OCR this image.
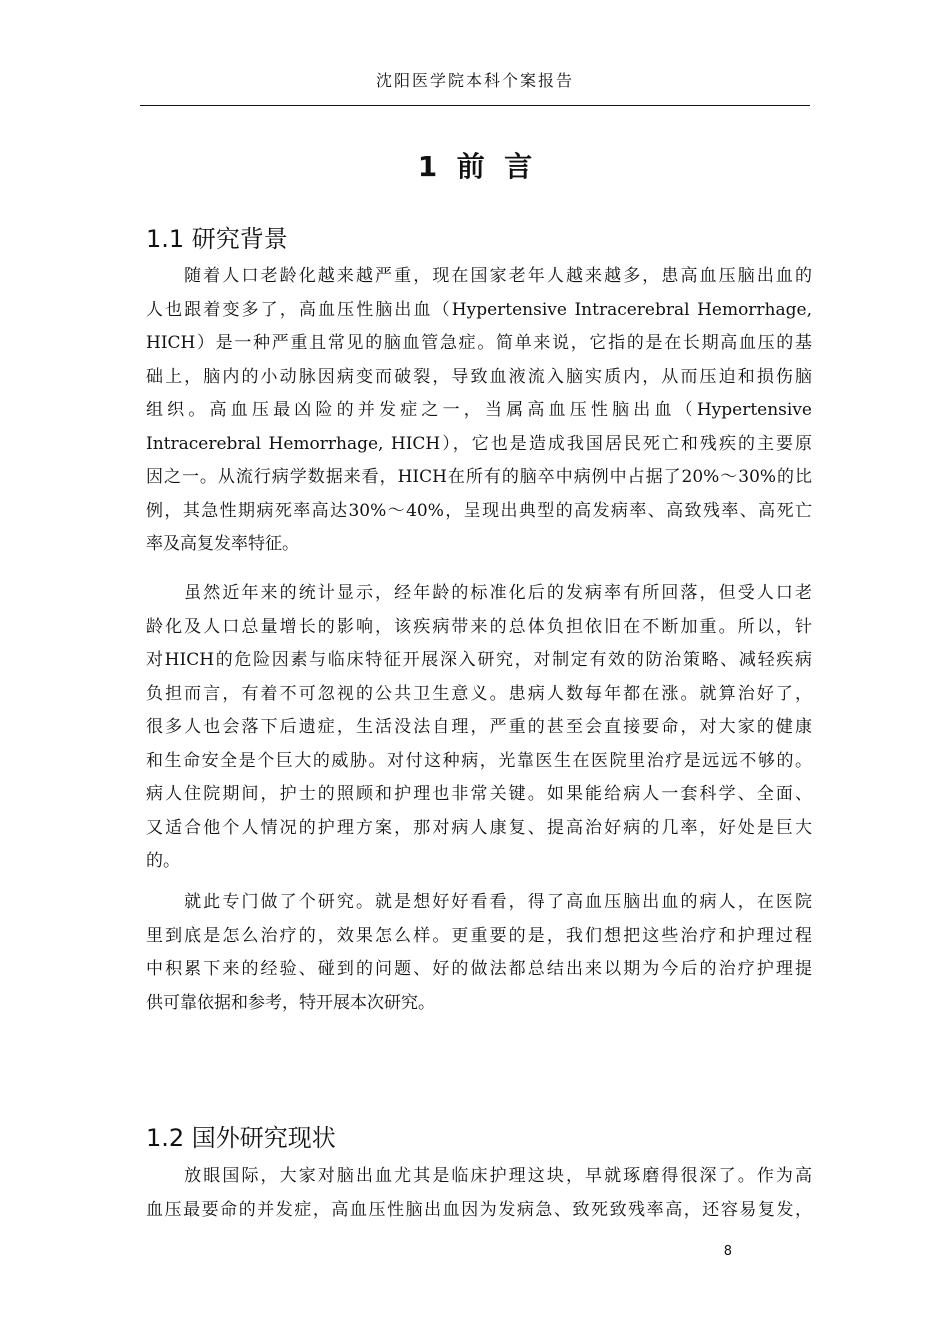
沈阳医学院本科个案报告
1  前  言
1.1 研究背景
　　随着人口老龄化越来越严重，现在国家老年人越来越多，患高血压脑出血的
人也跟着变多了，高血压性脑出血（Hypertensive Intracerebral Hemorrhage,
HICH）是一种严重且常见的脑血管急症。简单来说，它指的是在长期高血压的基
础上，脑内的小动脉因病变而破裂，导致血液流入脑实质内，从而压迫和损伤脑
组织。高血压最凶险的并发症之一，当属高血压性脑出血（Hypertensive
Intracerebral Hemorrhage, HICH），它也是造成我国居民死亡和残疾的主要原
因之一。从流行病学数据来看，HICH在所有的脑卒中病例中占据了20%～30%的比
例，其急性期病死率高达30%～40%，呈现出典型的高发病率、高致残率、高死亡
率及高复发率特征。
　　虽然近年来的统计显示，经年龄的标准化后的发病率有所回落，但受人口老
龄化及人口总量增长的影响，该疾病带来的总体负担依旧在不断加重。所以，针
对HICH的危险因素与临床特征开展深入研究，对制定有效的防治策略、减轻疾病
负担而言，有着不可忽视的公共卫生意义。患病人数每年都在涨。就算治好了，
很多人也会落下后遗症，生活没法自理，严重的甚至会直接要命，对大家的健康
和生命安全是个巨大的威胁。对付这种病，光靠医生在医院里治疗是远远不够的。
病人住院期间，护士的照顾和护理也非常关键。如果能给病人一套科学、全面、
又适合他个人情况的护理方案，那对病人康复、提高治好病的几率，好处是巨大
的。
　　就此专门做了个研究。就是想好好看看，得了高血压脑出血的病人，在医院
里到底是怎么治疗的，效果怎么样。更重要的是，我们想把这些治疗和护理过程
中积累下来的经验、碰到的问题、好的做法都总结出来以期为今后的治疗护理提
供可靠依据和参考，特开展本次研究。
1.2 国外研究现状
　　放眼国际，大家对脑出血尤其是临床护理这块，早就琢磨得很深了。作为高
血压最要命的并发症，高血压性脑出血因为发病急、致死致残率高，还容易复发，
8
